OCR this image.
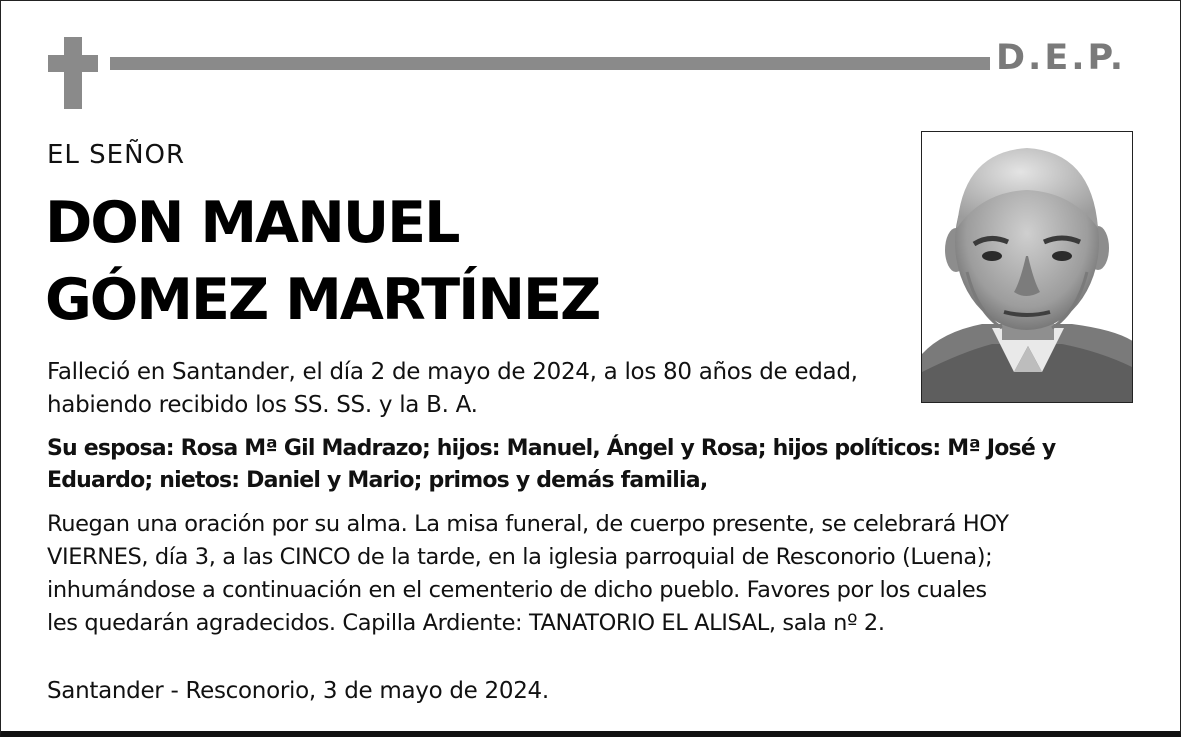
D.E.P.
EL SEÑOR
DON MANUEL
GÓMEZ MARTÍNEZ
Falleció en Santander, el día 2 de mayo de 2024, a los 80 años de edad,
habiendo recibido los SS. SS. y la B. A.
Su esposa: Rosa Mª Gil Madrazo; hijos: Manuel, Ángel y Rosa; hijos políticos: Mª José y
Eduardo; nietos: Daniel y Mario; primos y demás familia,
Ruegan una oración por su alma. La misa funeral, de cuerpo presente, se celebrará HOY
VIERNES, día 3, a las CINCO de la tarde, en la iglesia parroquial de Resconorio (Luena);
inhumándose a continuación en el cementerio de dicho pueblo. Favores por los cuales
les quedarán agradecidos. Capilla Ardiente: TANATORIO EL ALISAL, sala nº 2.
Santander - Resconorio, 3 de mayo de 2024.
